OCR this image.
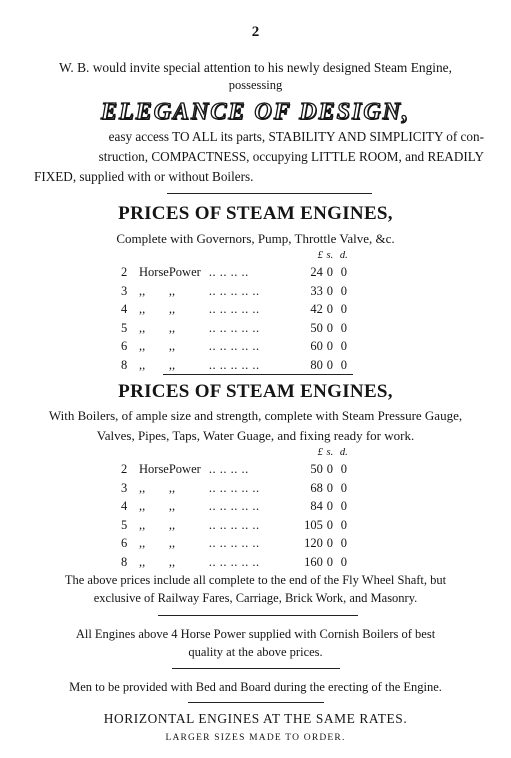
2
W. B. would invite special attention to his newly designed Steam Engine,
possessing
ELEGANCE OF DESIGN,
easy access TO ALL its parts, STABILITY AND SIMPLICITY of con-
struction, COMPACTNESS, occupying LITTLE ROOM, and READILY
FIXED, supplied with or without Boilers.
PRICES OF STEAM ENGINES,
Complete with Governors, Pump, Throttle Valve, &c.
				£	s.	d.
2	Horse	Power	.. .. .. ..	24	0	0
3	,,	,,	.. .. .. .. ..	33	0	0
4	,,	,,	.. .. .. .. ..	42	0	0
5	,,	,,	.. .. .. .. ..	50	0	0
6	,,	,,	.. .. .. .. ..	60	0	0
8	,,	,,	.. .. .. .. ..	80	0	0
PRICES OF STEAM ENGINES,
With Boilers, of ample size and strength, complete with Steam Pressure Gauge,
Valves, Pipes, Taps, Water Guage, and fixing ready for work.
				£	s.	d.
2	Horse	Power	.. .. .. ..	50	0	0
3	,,	,,	.. .. .. .. ..	68	0	0
4	,,	,,	.. .. .. .. ..	84	0	0
5	,,	,,	.. .. .. .. ..	105	0	0
6	,,	,,	.. .. .. .. ..	120	0	0
8	,,	,,	.. .. .. .. ..	160	0	0
The above prices include all complete to the end of the Fly Wheel Shaft, but
exclusive of Railway Fares, Carriage, Brick Work, and Masonry.
All Engines above 4 Horse Power supplied with Cornish Boilers of best
quality at the above prices.
Men to be provided with Bed and Board during the erecting of the Engine.
HORIZONTAL ENGINES AT THE SAME RATES.
LARGER SIZES MADE TO ORDER.
